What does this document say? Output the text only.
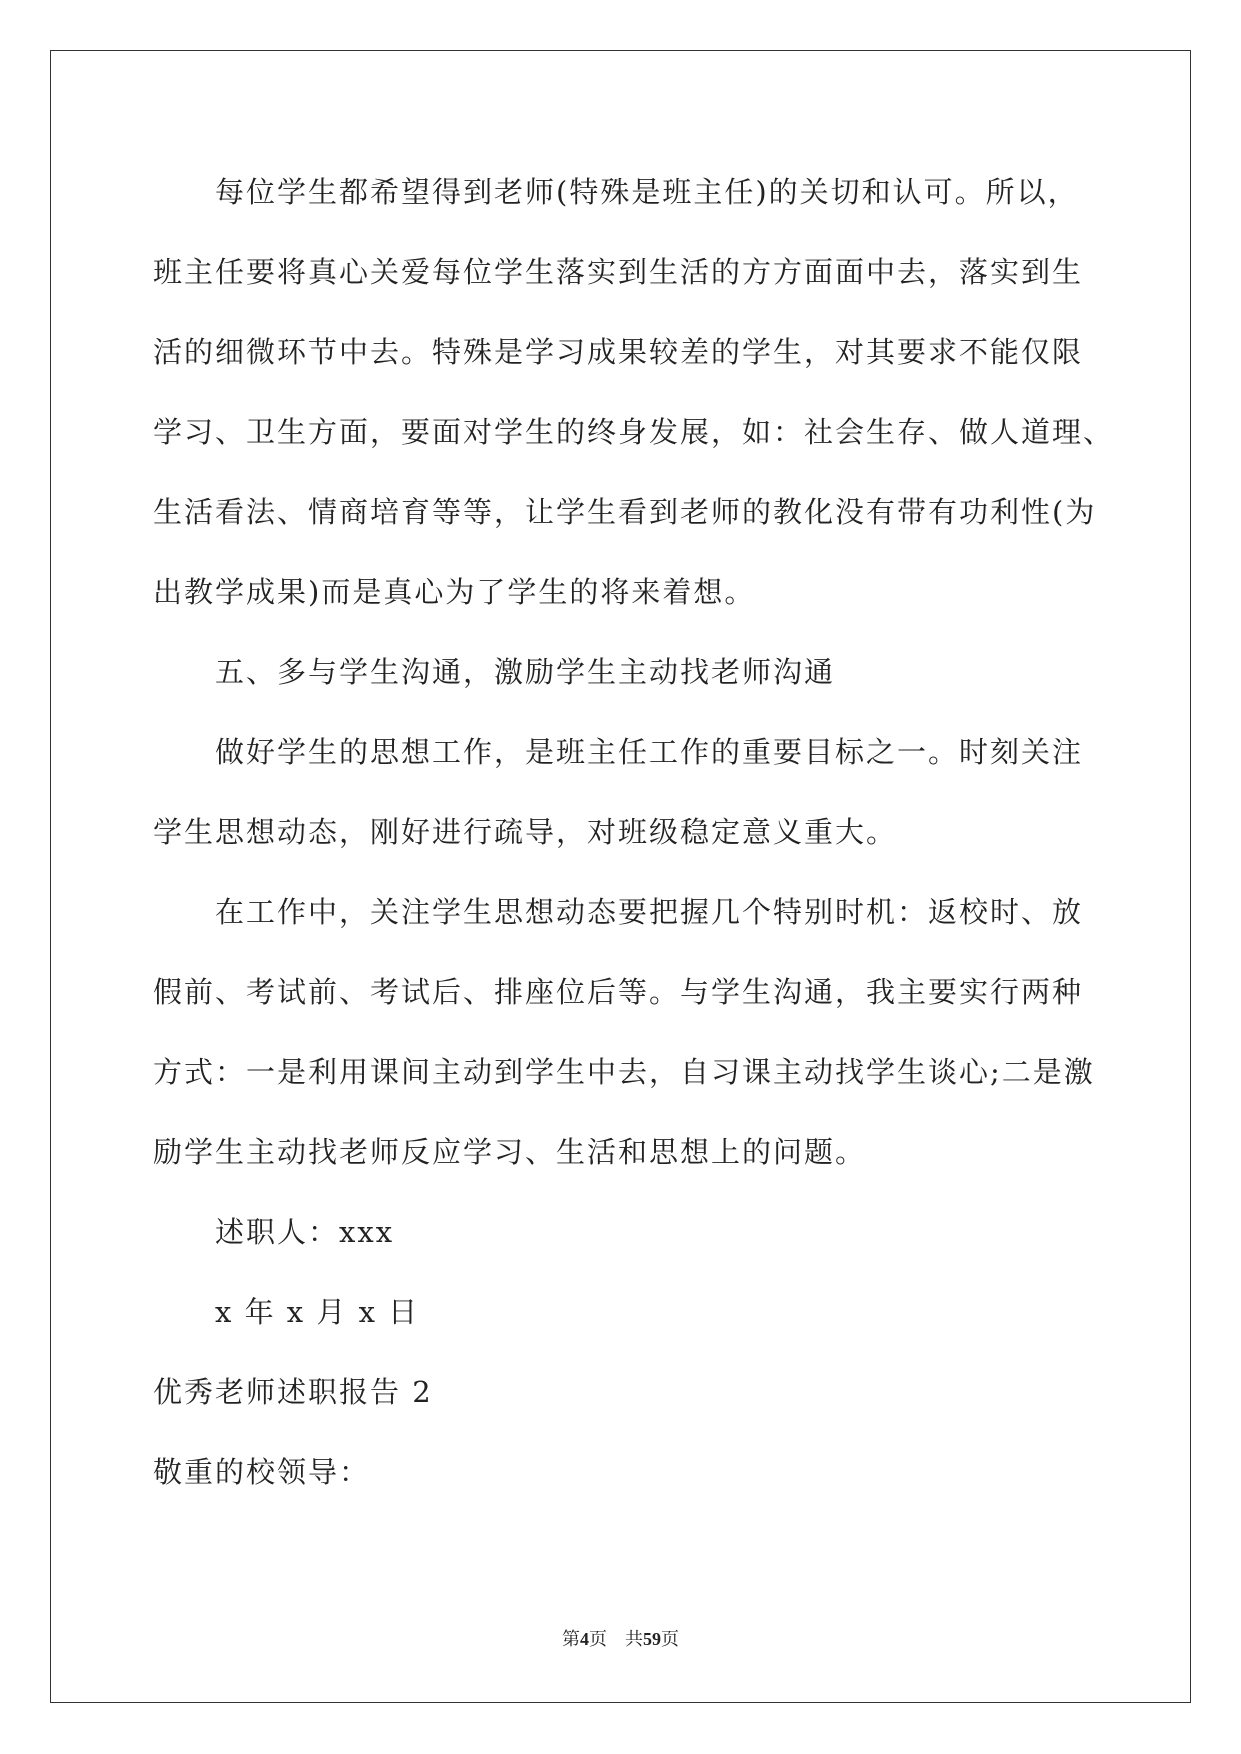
每位学生都希望得到老师(特殊是班主任)的关切和认可。所以，
班主任要将真心关爱每位学生落实到生活的方方面面中去，落实到生
活的细微环节中去。特殊是学习成果较差的学生，对其要求不能仅限
学习、卫生方面，要面对学生的终身发展，如：社会生存、做人道理、
生活看法、情商培育等等，让学生看到老师的教化没有带有功利性(为
出教学成果)而是真心为了学生的将来着想。
五、多与学生沟通，激励学生主动找老师沟通
做好学生的思想工作，是班主任工作的重要目标之一。时刻关注
学生思想动态，刚好进行疏导，对班级稳定意义重大。
在工作中，关注学生思想动态要把握几个特别时机：返校时、放
假前、考试前、考试后、排座位后等。与学生沟通，我主要实行两种
方式：一是利用课间主动到学生中去，自习课主动找学生谈心;二是激
励学生主动找老师反应学习、生活和思想上的问题。
述职人：xxx
x 年 x 月 x 日
优秀老师述职报告 2
敬重的校领导：
第4页 共59页
